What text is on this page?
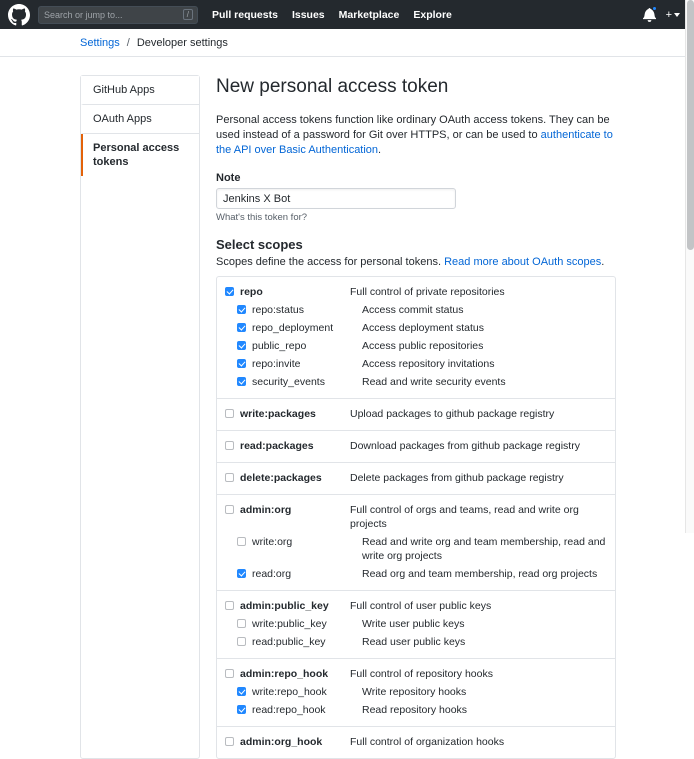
Search or jump to...
/	Pull requests Issues Marketplace Explore	+
Settings / Developer settings
GitHub Apps
OAuth Apps
Personal access tokens
New personal access token

Personal access tokens function like ordinary OAuth access tokens. They can be used instead of a password for Git over HTTPS, or can be used to authenticate to the API over Basic Authentication.

Note
Jenkins X Bot
What's this token for?
Select scopes
Scopes define the access for personal tokens. Read more about OAuth scopes.
repo	Full control of private repositories
repo:status	Access commit status
repo_deployment	Access deployment status
public_repo	Access public repositories
repo:invite	Access repository invitations
security_events	Read and write security events
write:packages	Upload packages to github package registry
read:packages	Download packages from github package registry
delete:packages	Delete packages from github package registry
admin:org	Full control of orgs and teams, read and write org projects
write:org	Read and write org and team membership, read and write org projects
read:org	Read org and team membership, read org projects
admin:public_key	Full control of user public keys
write:public_key	Write user public keys
read:public_key	Read user public keys
admin:repo_hook	Full control of repository hooks
write:repo_hook	Write repository hooks
read:repo_hook	Read repository hooks
admin:org_hook	Full control of organization hooks
